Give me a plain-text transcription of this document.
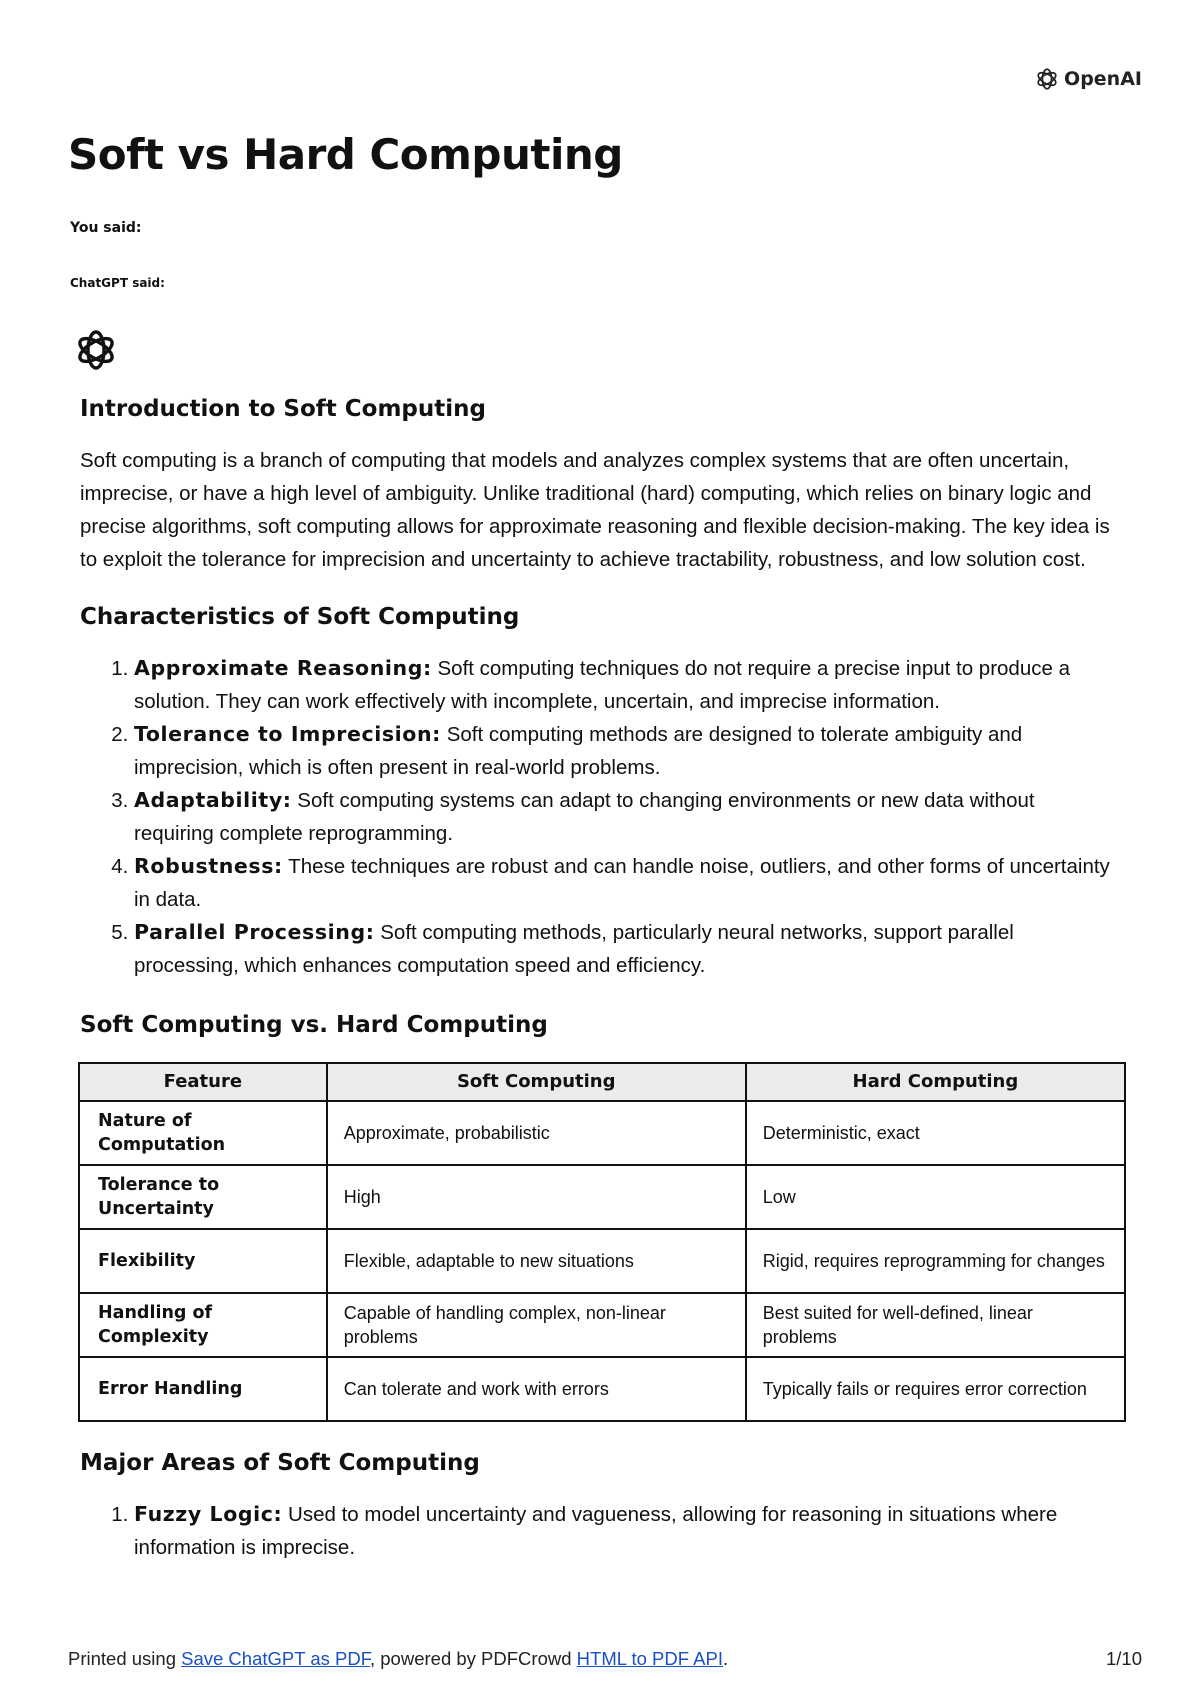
OpenAI
Soft vs Hard Computing

You said:

ChatGPT said:

Introduction to Soft Computing

Soft computing is a branch of computing that models and analyzes complex systems that are often uncertain, imprecise, or have a high level of ambiguity. Unlike traditional (hard) computing, which relies on binary logic and precise algorithms, soft computing allows for approximate reasoning and flexible decision-making. The key idea is to exploit the tolerance for imprecision and uncertainty to achieve tractability, robustness, and low solution cost.

Characteristics of Soft Computing
1. Approximate Reasoning: Soft computing techniques do not require a precise input to produce a solution. They can work effectively with incomplete, uncertain, and imprecise information.
2. Tolerance to Imprecision: Soft computing methods are designed to tolerate ambiguity and imprecision, which is often present in real-world problems.
3. Adaptability: Soft computing systems can adapt to changing environments or new data without requiring complete reprogramming.
4. Robustness: These techniques are robust and can handle noise, outliers, and other forms of uncertainty in data.
5. Parallel Processing: Soft computing methods, particularly neural networks, support parallel processing, which enhances computation speed and efficiency.
Soft Computing vs. Hard Computing
Feature	Soft Computing	Hard Computing
Nature of Computation	Approximate, probabilistic	Deterministic, exact
Tolerance to Uncertainty	High	Low
Flexibility	Flexible, adaptable to new situations	Rigid, requires reprogramming for changes
Handling of Complexity	Capable of handling complex, non-linear problems	Best suited for well-defined, linear problems
Error Handling	Can tolerate and work with errors	Typically fails or requires error correction
Major Areas of Soft Computing
1. Fuzzy Logic: Used to model uncertainty and vagueness, allowing for reasoning in situations where information is imprecise.
Printed using Save ChatGPT as PDF, powered by PDFCrowd HTML to PDF API.	1/10
